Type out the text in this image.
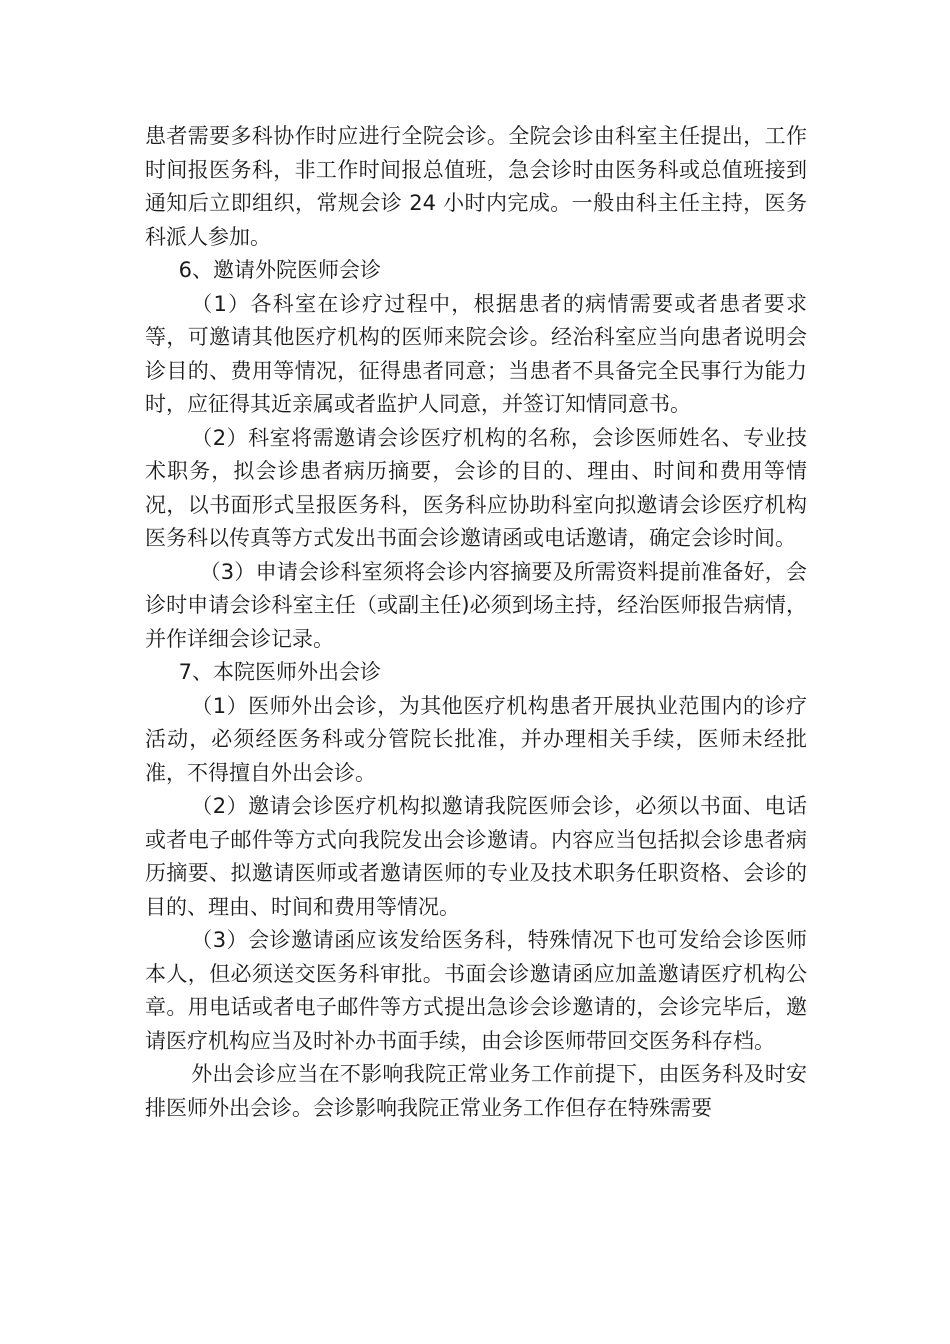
患者需要多科协作时应进行全院会诊。全院会诊由科室主任提出，工作时间报医务科，非工作时间报总值班，急会诊时由医务科或总值班接到通知后立即组织，常规会诊 24 小时内完成。一般由科主任主持，医务科派人参加。

6、邀请外院医师会诊

（1）各科室在诊疗过程中，根据患者的病情需要或者患者要求等，可邀请其他医疗机构的医师来院会诊。经治科室应当向患者说明会诊目的、费用等情况，征得患者同意；当患者不具备完全民事行为能力时，应征得其近亲属或者监护人同意，并签订知情同意书。

（2）科室将需邀请会诊医疗机构的名称，会诊医师姓名、专业技术职务，拟会诊患者病历摘要，会诊的目的、理由、时间和费用等情况，以书面形式呈报医务科，医务科应协助科室向拟邀请会诊医疗机构医务科以传真等方式发出书面会诊邀请函或电话邀请，确定会诊时间。

（3）申请会诊科室须将会诊内容摘要及所需资料提前准备好，会诊时申请会诊科室主任（或副主任)必须到场主持，经治医师报告病情，并作详细会诊记录。

7、本院医师外出会诊

（1）医师外出会诊，为其他医疗机构患者开展执业范围内的诊疗活动，必须经医务科或分管院长批准，并办理相关手续，医师未经批准，不得擅自外出会诊。

（2）邀请会诊医疗机构拟邀请我院医师会诊，必须以书面、电话或者电子邮件等方式向我院发出会诊邀请。内容应当包括拟会诊患者病历摘要、拟邀请医师或者邀请医师的专业及技术职务任职资格、会诊的目的、理由、时间和费用等情况。

（3）会诊邀请函应该发给医务科，特殊情况下也可发给会诊医师本人，但必须送交医务科审批。书面会诊邀请函应加盖邀请医疗机构公章。用电话或者电子邮件等方式提出急诊会诊邀请的，会诊完毕后，邀请医疗机构应当及时补办书面手续，由会诊医师带回交医务科存档。

外出会诊应当在不影响我院正常业务工作前提下，由医务科及时安排医师外出会诊。会诊影响我院正常业务工作但存在特殊需要
